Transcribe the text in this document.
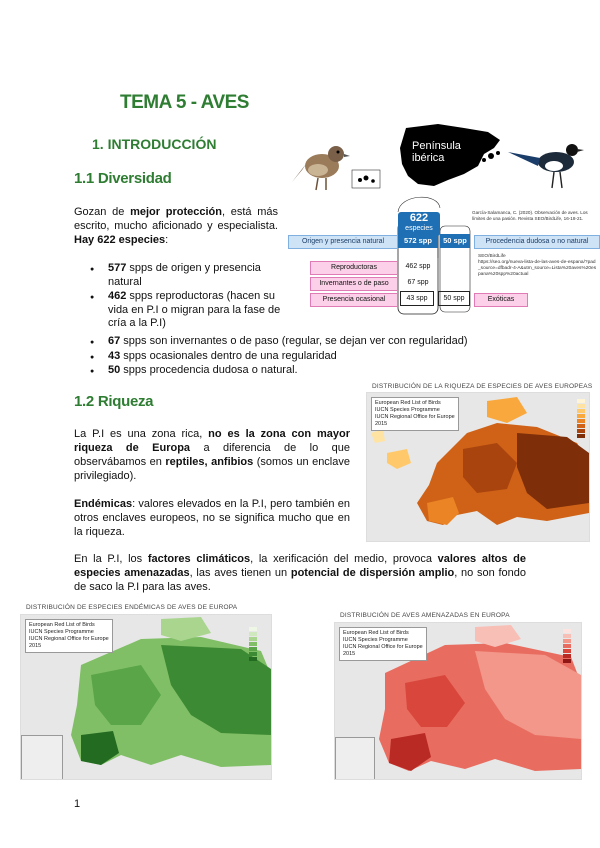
TEMA 5 - AVES
1. INTRODUCCIÓN
1.1 Diversidad

Gozan de mejor protección, está más escrito, mucho aficionado y especialista. Hay 622 especies:

● 577 spps de origen y presencia natural
● 462 spps reproductoras (hacen su vida en P.I o migran para la fase de cría a la P.I)
● 67 spps son invernantes o de paso (regular, se dejan ver con regularidad)
● 43 spps ocasionales dentro de una regularidad
● 50 spps procedencia dudosa o natural.
Península
ibérica
622
especies
García-Salamanca, C. (2020). Observación de aves. Los límites de una pasión. Revista SEO/BirdLife, 16-18-21.
Origen y presencia natural	572 spp	50 spp	Procedencia dudosa o no natural
SEO/BirdLife
https://seo.org/nueva-lista-de-las-aves-de-espana/?pad_source=dfbadr-4-A&utm_source=Lista%20aves%20espana%20spp%20actual
Reproductoras	462 spp
Invernantes o de paso	67 spp
Presencia ocasional	43 spp	50 spp	Exóticas
1.2 Riqueza

La P.I es una zona rica, no es la zona con mayor riqueza de Europa a diferencia de lo que observábamos en reptiles, anfibios (somos un enclave privilegiado).

Endémicas: valores elevados en la P.I, pero también en otros enclaves europeos, no se significa mucho que en la riqueza.

En la P.I, los factores climáticos, la xerificación del medio, provoca valores altos de especies amenazadas, las aves tienen un potencial de dispersión amplio, no son fondo de saco la P.I para las aves.

DISTRIBUCIÓN DE LA RIQUEZA DE ESPECIES DE AVES EUROPEAS
European Red List of Birds
IUCN Species Programme
IUCN Regional Office for Europe
2015
DISTRIBUCIÓN DE ESPECIES ENDÉMICAS DE AVES DE EUROPA
European Red List of Birds
IUCN Species Programme
IUCN Regional Office for Europe
2015
DISTRIBUCIÓN DE AVES AMENAZADAS EN EUROPA
European Red List of Birds
IUCN Species Programme
IUCN Regional Office for Europe
2015
1
